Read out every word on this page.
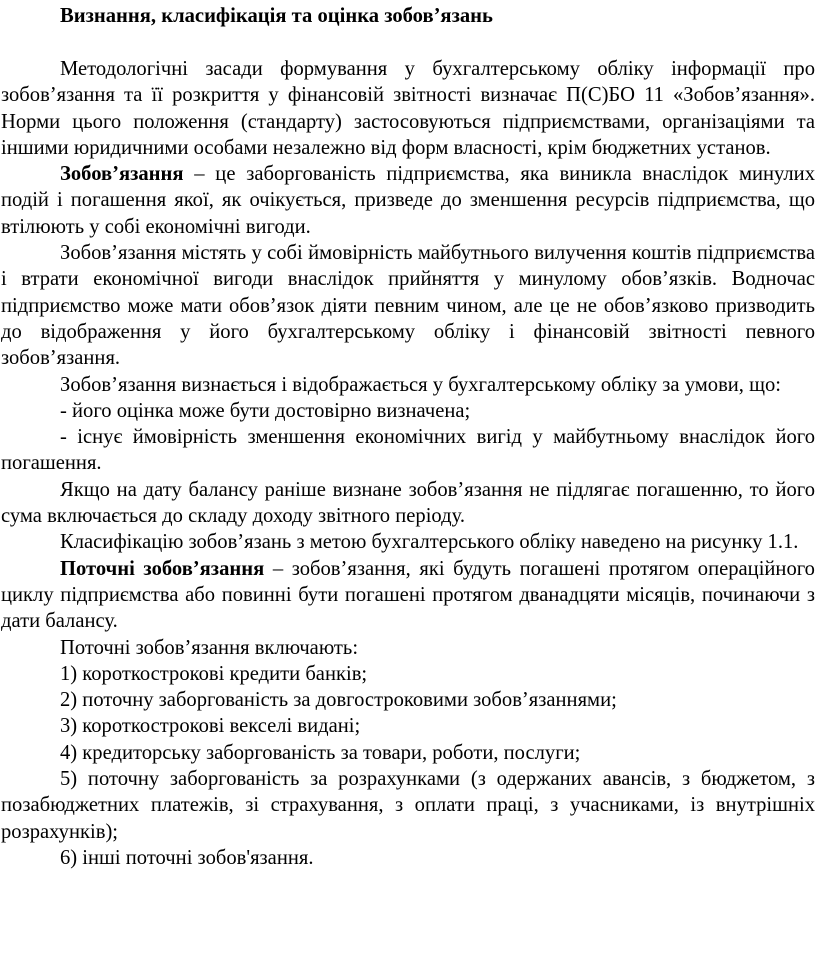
Визнання, класифікація та оцінка зобов’язань

Методологічні засади формування у бухгалтерському обліку інформації про зобов’язання та її розкриття у фінансовій звітності визначає П(С)БО 11 «Зобов’язання». Норми цього положення (стандарту) застосовуються підприємствами, організаціями та іншими юридичними особами незалежно від форм власності, крім бюджетних установ.

Зобов’язання – це заборгованість підприємства, яка виникла внаслідок минулих подій і погашення якої, як очікується, призведе до зменшення ресурсів підприємства, що втілюють у собі економічні вигоди.

Зобов’язання містять у собі ймовірність майбутнього вилучення коштів підприємства і втрати економічної вигоди внаслідок прийняття у минулому обов’язків. Водночас підприємство може мати обов’язок діяти певним чином, але це не обов’язково призводить до відображення у його бухгалтерському обліку і фінансовій звітності певного зобов’язання.

Зобов’язання визнається і відображається у бухгалтерському обліку за умови, що:

- його оцінка може бути достовірно визначена;

- існує ймовірність зменшення економічних вигід у майбутньому внаслідок його погашення.

Якщо на дату балансу раніше визнане зобов’язання не підлягає погашенню, то його сума включається до складу доходу звітного періоду.

Класифікацію зобов’язань з метою бухгалтерського обліку наведено на рисунку 1.1.

Поточні зобов’язання – зобов’язання, які будуть погашені протягом операційного циклу підприємства або повинні бути погашені протягом дванадцяти місяців, починаючи з дати балансу.

Поточні зобов’язання включають:

1) короткострокові кредити банків;

2) поточну заборгованість за довгостроковими зобов’язаннями;

3) короткострокові векселі видані;

4) кредиторську заборгованість за товари, роботи, послуги;

5) поточну заборгованість за розрахунками (з одержаних авансів, з бюджетом, з позабюджетних платежів, зі страхування, з оплати праці, з учасниками, із внутрішніх розрахунків);

6) інші поточні зобов'язання.
